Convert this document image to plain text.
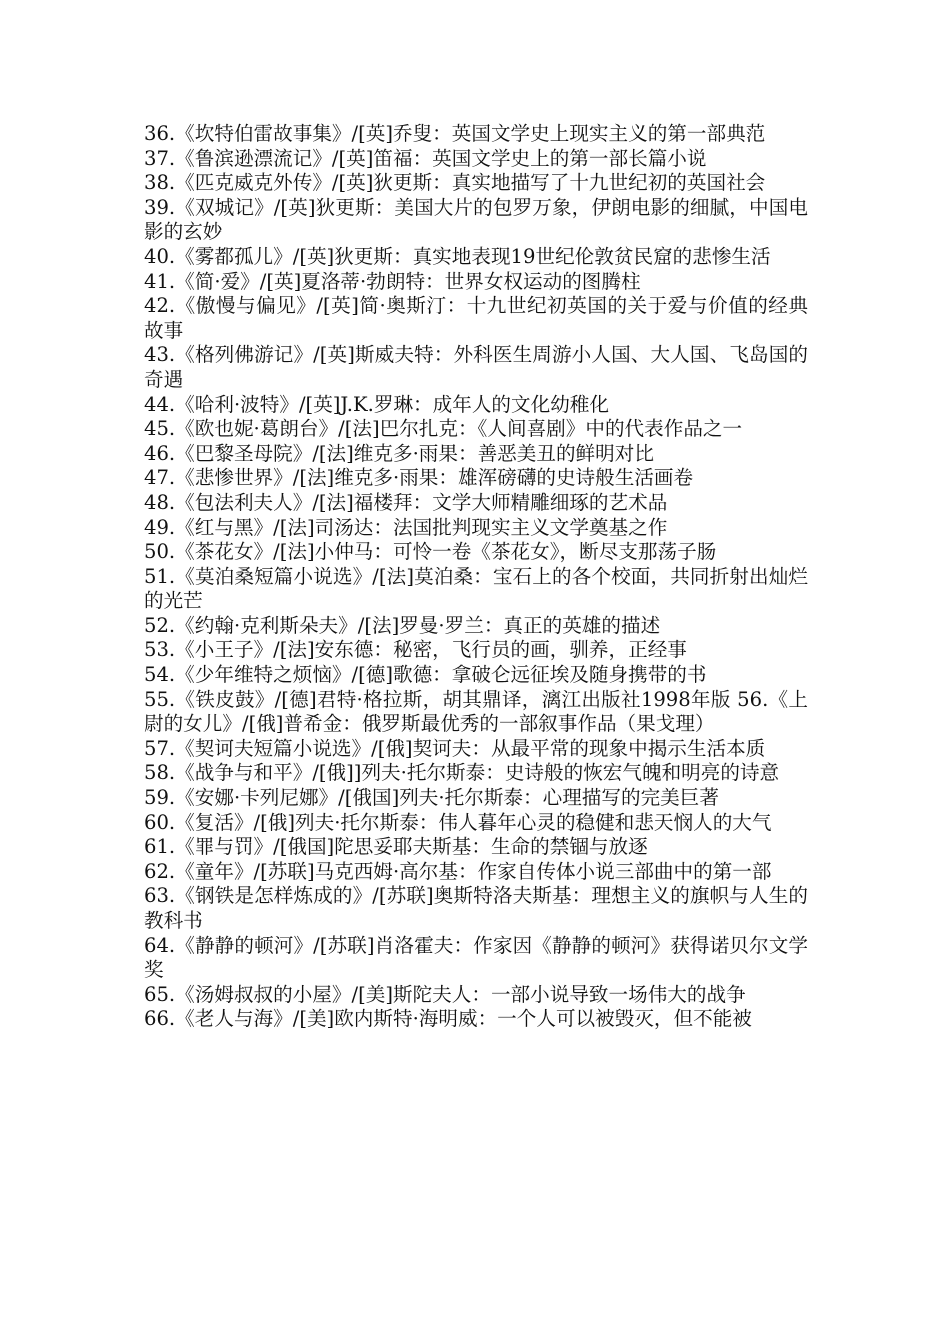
36.《坎特伯雷故事集》/[英]乔叟：英国文学史上现实主义的第一部典范

37.《鲁滨逊漂流记》/[英]笛福：英国文学史上的第一部长篇小说

38.《匹克威克外传》/[英]狄更斯：真实地描写了十九世纪初的英国社会

39.《双城记》/[英]狄更斯：美国大片的包罗万象，伊朗电影的细腻，中国电影的玄妙

40.《雾都孤儿》/[英]狄更斯：真实地表现19世纪伦敦贫民窟的悲惨生活

41.《简·爱》/[英]夏洛蒂·勃朗特：世界女权运动的图腾柱

42.《傲慢与偏见》/[英]简·奥斯汀：十九世纪初英国的关于爱与价值的经典故事

43.《格列佛游记》/[英]斯威夫特：外科医生周游小人国、大人国、飞岛国的奇遇

44.《哈利·波特》/[英]J.K.罗琳：成年人的文化幼稚化

45.《欧也妮·葛朗台》/[法]巴尔扎克：《人间喜剧》中的代表作品之一

46.《巴黎圣母院》/[法]维克多·雨果：善恶美丑的鲜明对比

47.《悲惨世界》/[法]维克多·雨果：雄浑磅礴的史诗般生活画卷

48.《包法利夫人》/[法]福楼拜：文学大师精雕细琢的艺术品

49.《红与黑》/[法]司汤达：法国批判现实主义文学奠基之作

50.《茶花女》/[法]小仲马：可怜一卷《茶花女》，断尽支那荡子肠

51.《莫泊桑短篇小说选》/[法]莫泊桑：宝石上的各个校面，共同折射出灿烂的光芒

52.《约翰·克利斯朵夫》/[法]罗曼·罗兰：真正的英雄的描述

53.《小王子》/[法]安东德：秘密，飞行员的画，驯养，正经事

54.《少年维特之烦恼》/[德]歌德：拿破仑远征埃及随身携带的书

55.《铁皮鼓》/[德]君特·格拉斯，胡其鼎译，漓江出版社1998年版 56.《上尉的女儿》/[俄]普希金：俄罗斯最优秀的一部叙事作品（果戈理）

57.《契诃夫短篇小说选》/[俄]契诃夫：从最平常的现象中揭示生活本质

58.《战争与和平》/[俄]]列夫·托尔斯泰：史诗般的恢宏气魄和明亮的诗意

59.《安娜·卡列尼娜》/[俄国]列夫·托尔斯泰：心理描写的完美巨著

60.《复活》/[俄]列夫·托尔斯泰：伟人暮年心灵的稳健和悲天悯人的大气

61.《罪与罚》/[俄国]陀思妥耶夫斯基：生命的禁锢与放逐

62.《童年》/[苏联]马克西姆·高尔基：作家自传体小说三部曲中的第一部

63.《钢铁是怎样炼成的》/[苏联]奥斯特洛夫斯基：理想主义的旗帜与人生的教科书

64.《静静的顿河》/[苏联]肖洛霍夫：作家因《静静的顿河》获得诺贝尔文学奖

65.《汤姆叔叔的小屋》/[美]斯陀夫人：一部小说导致一场伟大的战争

66.《老人与海》/[美]欧内斯特·海明威：一个人可以被毁灭，但不能被
